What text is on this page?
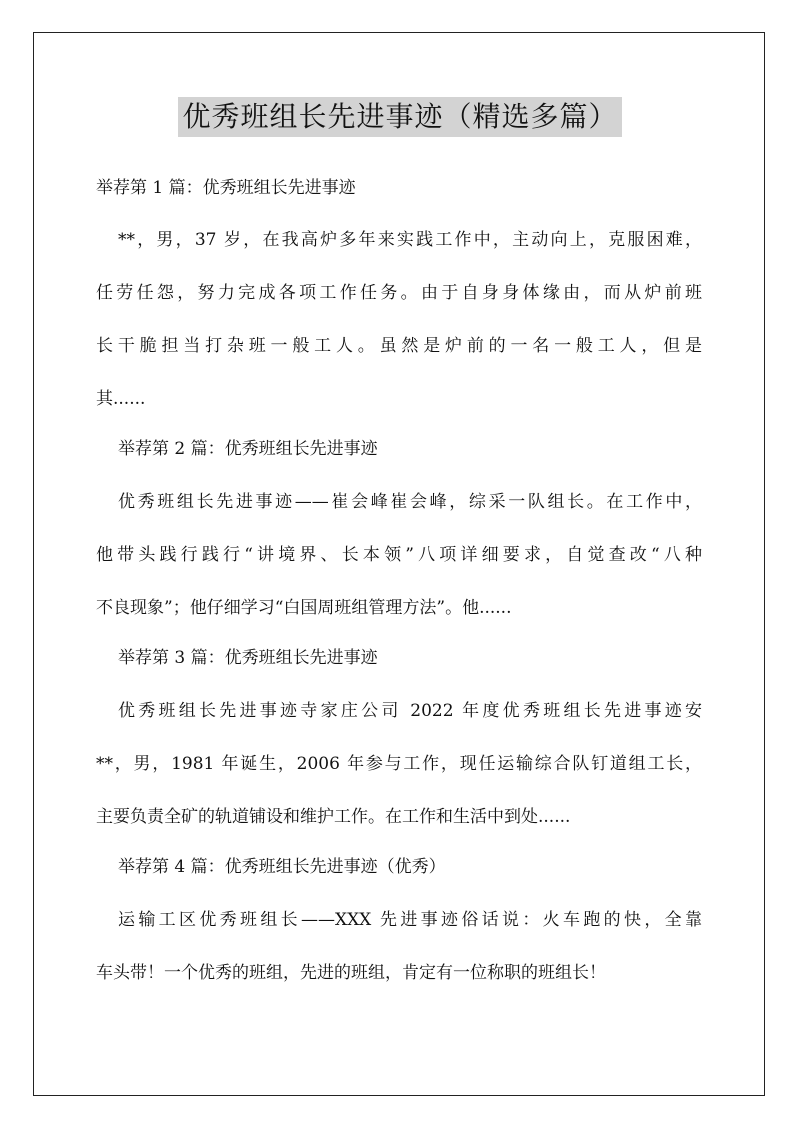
优秀班组长先进事迹（精选多篇）
举荐第 1 篇：优秀班组长先进事迹
**，男，37 岁，在我高炉多年来实践工作中，主动向上，克服困难，
任劳任怨，努力完成各项工作任务。由于自身身体缘由，而从炉前班
长干脆担当打杂班一般工人。虽然是炉前的一名一般工人，但是
其......
举荐第 2 篇：优秀班组长先进事迹
优秀班组长先进事迹——崔会峰崔会峰，综采一队组长。在工作中，
他带头践行践行“讲境界、长本领”八项详细要求，自觉查改“八种
不良现象”；他仔细学习“白国周班组管理方法”。他......
举荐第 3 篇：优秀班组长先进事迹
优秀班组长先进事迹寺家庄公司 2022 年度优秀班组长先进事迹安
**，男，1981 年诞生，2006 年参与工作，现任运输综合队钉道组工长，
主要负责全矿的轨道铺设和维护工作。在工作和生活中到处......
举荐第 4 篇：优秀班组长先进事迹（优秀）
运输工区优秀班组长——XXX 先进事迹俗话说：火车跑的快，全靠
车头带！一个优秀的班组，先进的班组，肯定有一位称职的班组长！
